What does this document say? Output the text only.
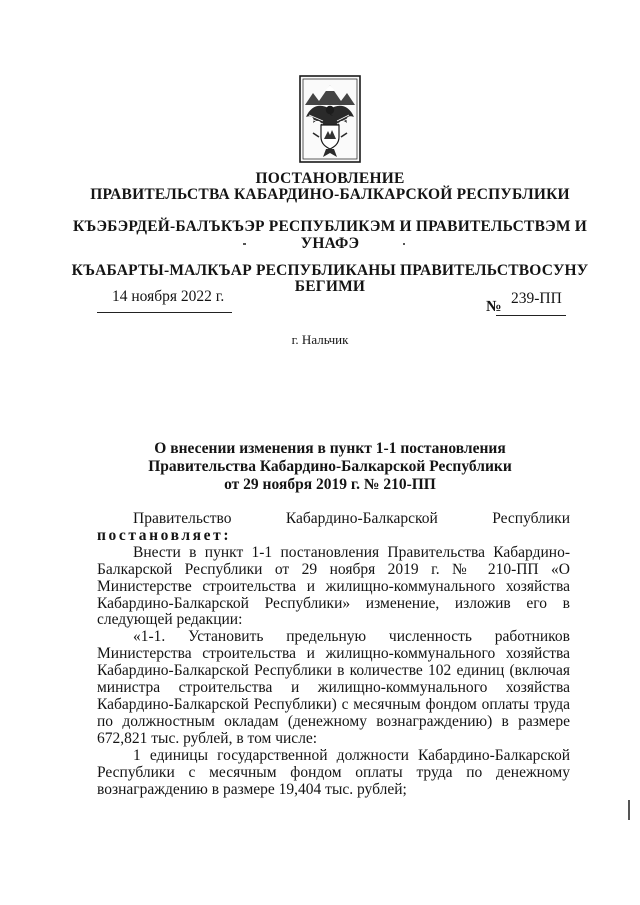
ПОСТАНОВЛЕНИЕ
ПРАВИТЕЛЬСТВА КАБАРДИНО-БАЛКАРСКОЙ РЕСПУБЛИКИ
КЪЭБЭРДЕЙ-БАЛЪКЪЭР РЕСПУБЛИКЭМ И ПРАВИТЕЛЬСТВЭМ И
УНАФЭ
КЪАБАРТЫ-МАЛКЪАР РЕСПУБЛИКАНЫ ПРАВИТЕЛЬСТВОСУНУ
БЕГИМИ
14 ноября 2022 г.
№ 239-ПП
г. Нальчик
О внесении изменения в пункт 1-1 постановления
Правительства Кабардино-Балкарской Республики
от 29 ноября 2019 г. № 210-ПП
Правительство	Кабардино-Балкарской	Республики

постановляет:

Внести в пункт 1-1 постановления Правительства Кабардино-Балкарской Республики от 29 ноября 2019 г. № 210-ПП «О Министерстве строительства и жилищно-коммунального хозяйства Кабардино-Балкарской Республики» изменение, изложив его в следующей редакции:

«1-1. Установить предельную численность работников Министерства строительства и жилищно-коммунального хозяйства Кабардино-Балкарской Республики в количестве 102 единиц (включая министра строительства и жилищно-коммунального хозяйства Кабардино-Балкарской Республики) с месячным фондом оплаты труда по должностным окладам (денежному вознаграждению) в размере 672,821 тыс. рублей, в том числе:

1 единицы государственной должности Кабардино-Балкарской Республики с месячным фондом оплаты труда по денежному вознаграждению в размере 19,404 тыс. рублей;
